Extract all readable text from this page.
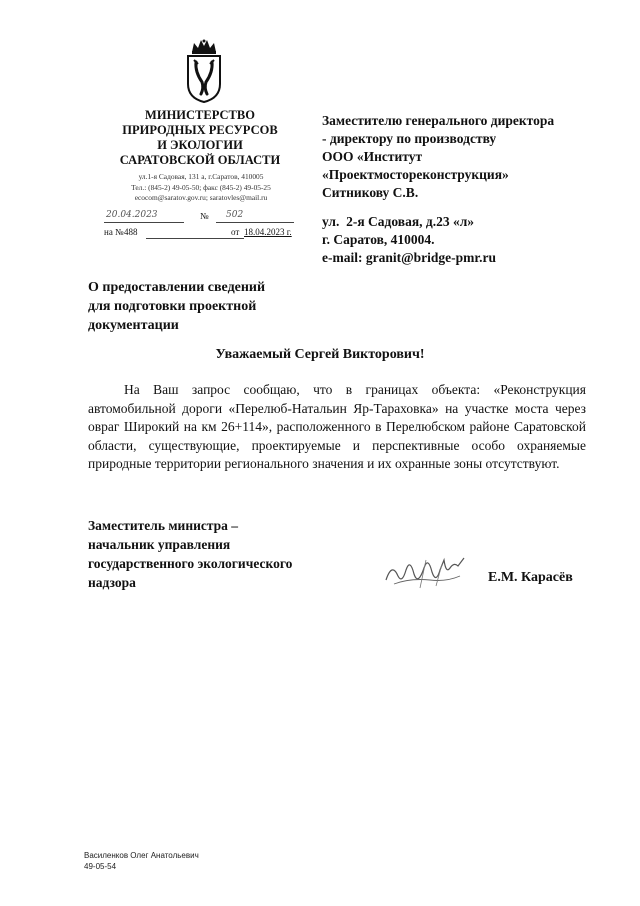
МИНИСТЕРСТВО
ПРИРОДНЫХ РЕСУРСОВ
И ЭКОЛОГИИ
САРАТОВСКОЙ ОБЛАСТИ
ул.1-я Садовая, 131 а, г.Саратов, 410005
Тел.: (845-2) 49-05-50; факс (845-2) 49-05-25
ecocom@saratov.gov.ru; saratovles@mail.ru
20.04.2023	№ 502
на № 488	от 18.04.2023 г.
Заместителю генерального директора
- директору по производству
ООО «Институт
«Проектмостореконструкция»
Ситникову С.В.
ул.  2-я Садовая, д.23 «л»
г. Саратов, 410004.
e-mail: granit@bridge-pmr.ru
О предоставлении сведений
для подготовки проектной
документации
Уважаемый Сергей Викторович!
На Ваш запрос сообщаю, что в границах объекта: «Реконструкция автомобильной дороги «Перелюб-Натальин Яр-Тараховка» на участке моста через овраг Широкий на км 26+114», расположенного в Перелюбском районе Саратовской области, существующие, проектируемые и перспективные особо охраняемые природные территории регионального значения и их охранные зоны отсутствуют.
Заместитель министра –
начальник управления
государственного экологического
надзора	Е.М. Карасёв
Василенков Олег Анатольевич
49-05-54
